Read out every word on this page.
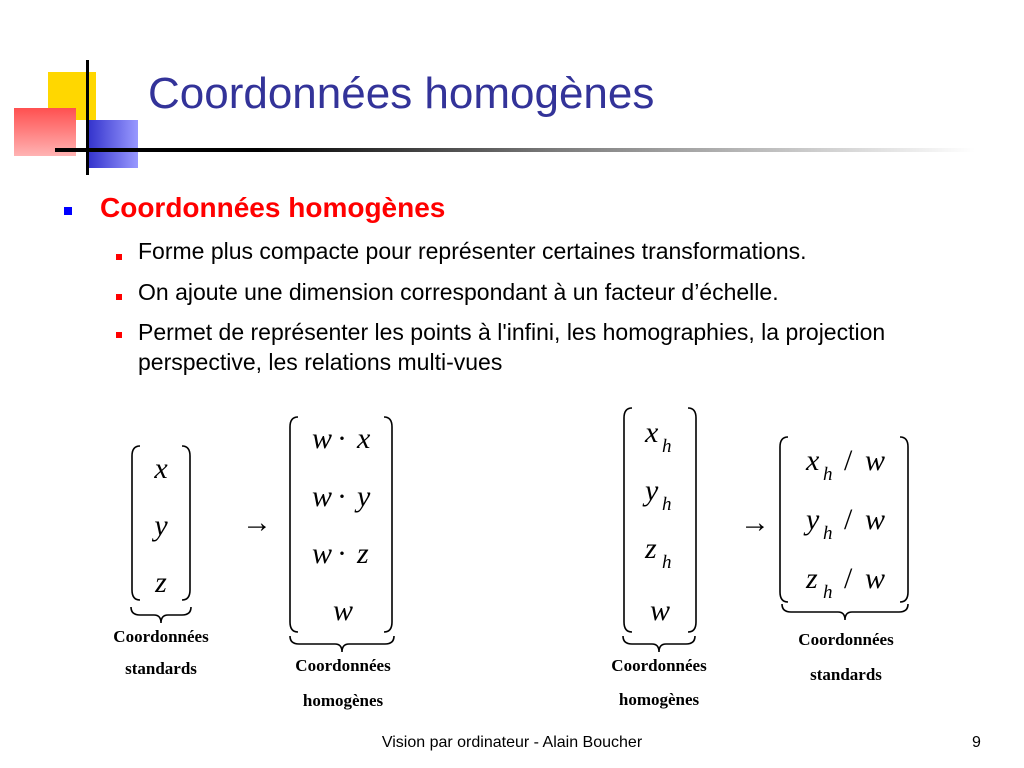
Coordonnées homogènes
Coordonnées homogènes
Forme plus compacte pour représenter certaines transformations.
On ajoute une dimension correspondant à un facteur d’échelle.
Permet de représenter les points à l'infini, les homographies, la projection perspective, les relations multi-vues
x
y
z
Coordonnées
standards
→
w · x
w · y
w · z
w
Coordonnées
homogènes
x h
y h
z h
w
Coordonnées
homogènes
→
x h / w
y h / w
z h / w
Coordonnées
standards
Vision par ordinateur - Alain Boucher	9
